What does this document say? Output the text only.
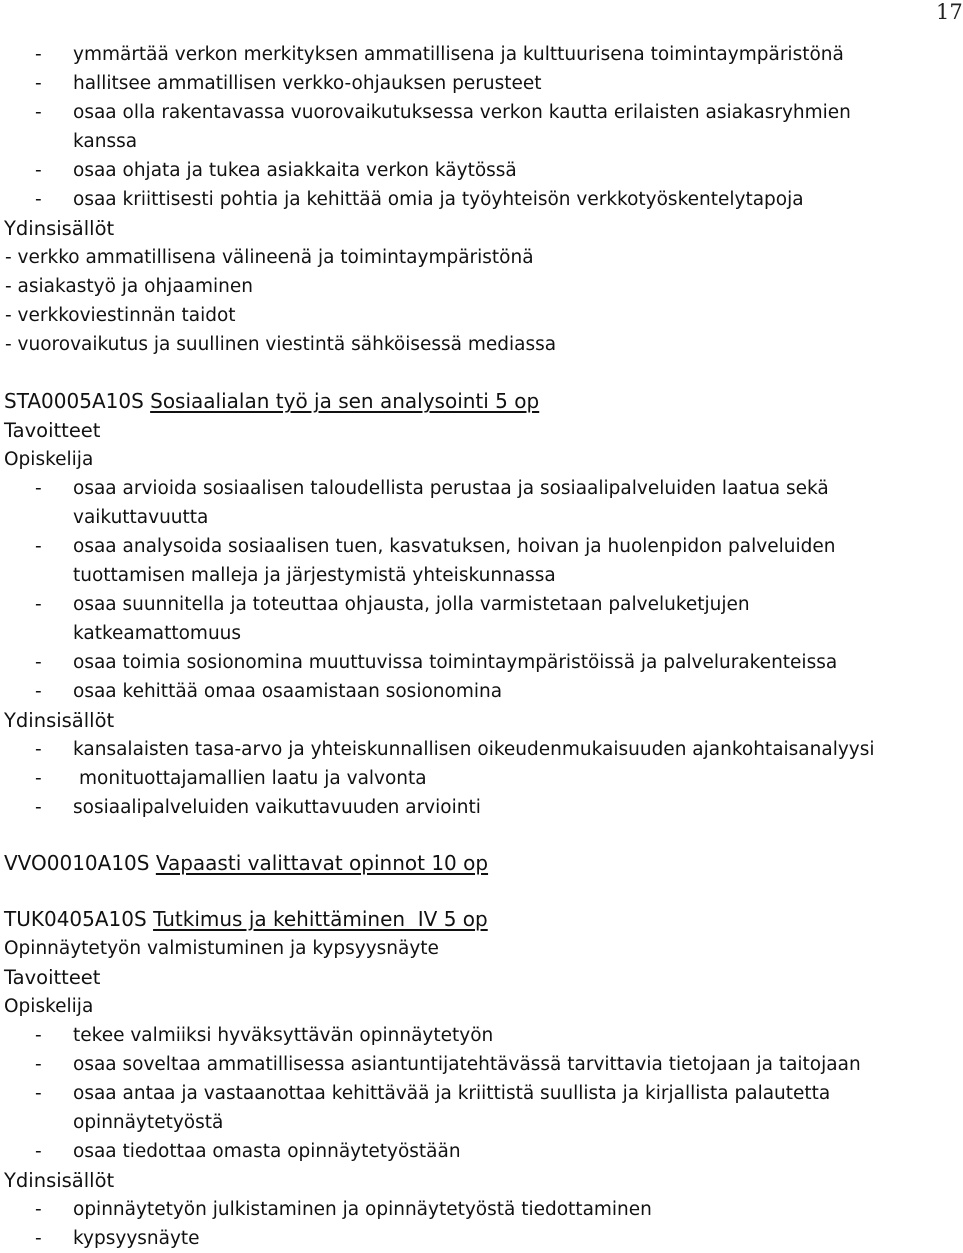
17
-	ymmärtää verkon merkityksen ammatillisena ja kulttuurisena toimintaympäristönä
-	hallitsee ammatillisen verkko-ohjauksen perusteet
-	osaa olla rakentavassa vuorovaikutuksessa verkon kautta erilaisten asiakasryhmien kanssa
-	osaa ohjata ja tukea asiakkaita verkon käytössä
-	osaa kriittisesti pohtia ja kehittää omia ja työyhteisön verkkotyöskentelytapoja
Ydinsisällöt
- verkko ammatillisena välineenä ja toimintaympäristönä
- asiakastyö ja ohjaaminen
- verkkoviestinnän taidot
- vuorovaikutus ja suullinen viestintä sähköisessä mediassa
STA0005A10S Sosiaalialan työ ja sen analysointi 5 op
Tavoitteet
Opiskelija
-	osaa arvioida sosiaalisen taloudellista perustaa ja sosiaalipalveluiden laatua sekä vaikuttavuutta
-	osaa analysoida sosiaalisen tuen, kasvatuksen, hoivan ja huolenpidon palveluiden tuottamisen malleja ja järjestymistä yhteiskunnassa
-	osaa suunnitella ja toteuttaa ohjausta, jolla varmistetaan palveluketjujen katkeamattomuus
-	osaa toimia sosionomina muuttuvissa toimintaympäristöissä ja palvelurakenteissa
-	osaa kehittää omaa osaamistaan sosionomina
Ydinsisällöt
-	kansalaisten tasa-arvo ja yhteiskunnallisen oikeudenmukaisuuden ajankohtaisanalyysi
-	monituottajamallien laatu ja valvonta
-	sosiaalipalveluiden vaikuttavuuden arviointi
VVO0010A10S Vapaasti valittavat opinnot 10 op
TUK0405A10S Tutkimus ja kehittäminen  IV 5 op
Opinnäytetyön valmistuminen ja kypsyysnäyte
Tavoitteet
Opiskelija
-	tekee valmiiksi hyväksyttävän opinnäytetyön
-	osaa soveltaa ammatillisessa asiantuntijatehtävässä tarvittavia tietojaan ja taitojaan
-	osaa antaa ja vastaanottaa kehittävää ja kriittistä suullista ja kirjallista palautetta opinnäytetyöstä
-	osaa tiedottaa omasta opinnäytetyöstään
Ydinsisällöt
-	opinnäytetyön julkistaminen ja opinnäytetyöstä tiedottaminen
-	kypsyysnäyte
